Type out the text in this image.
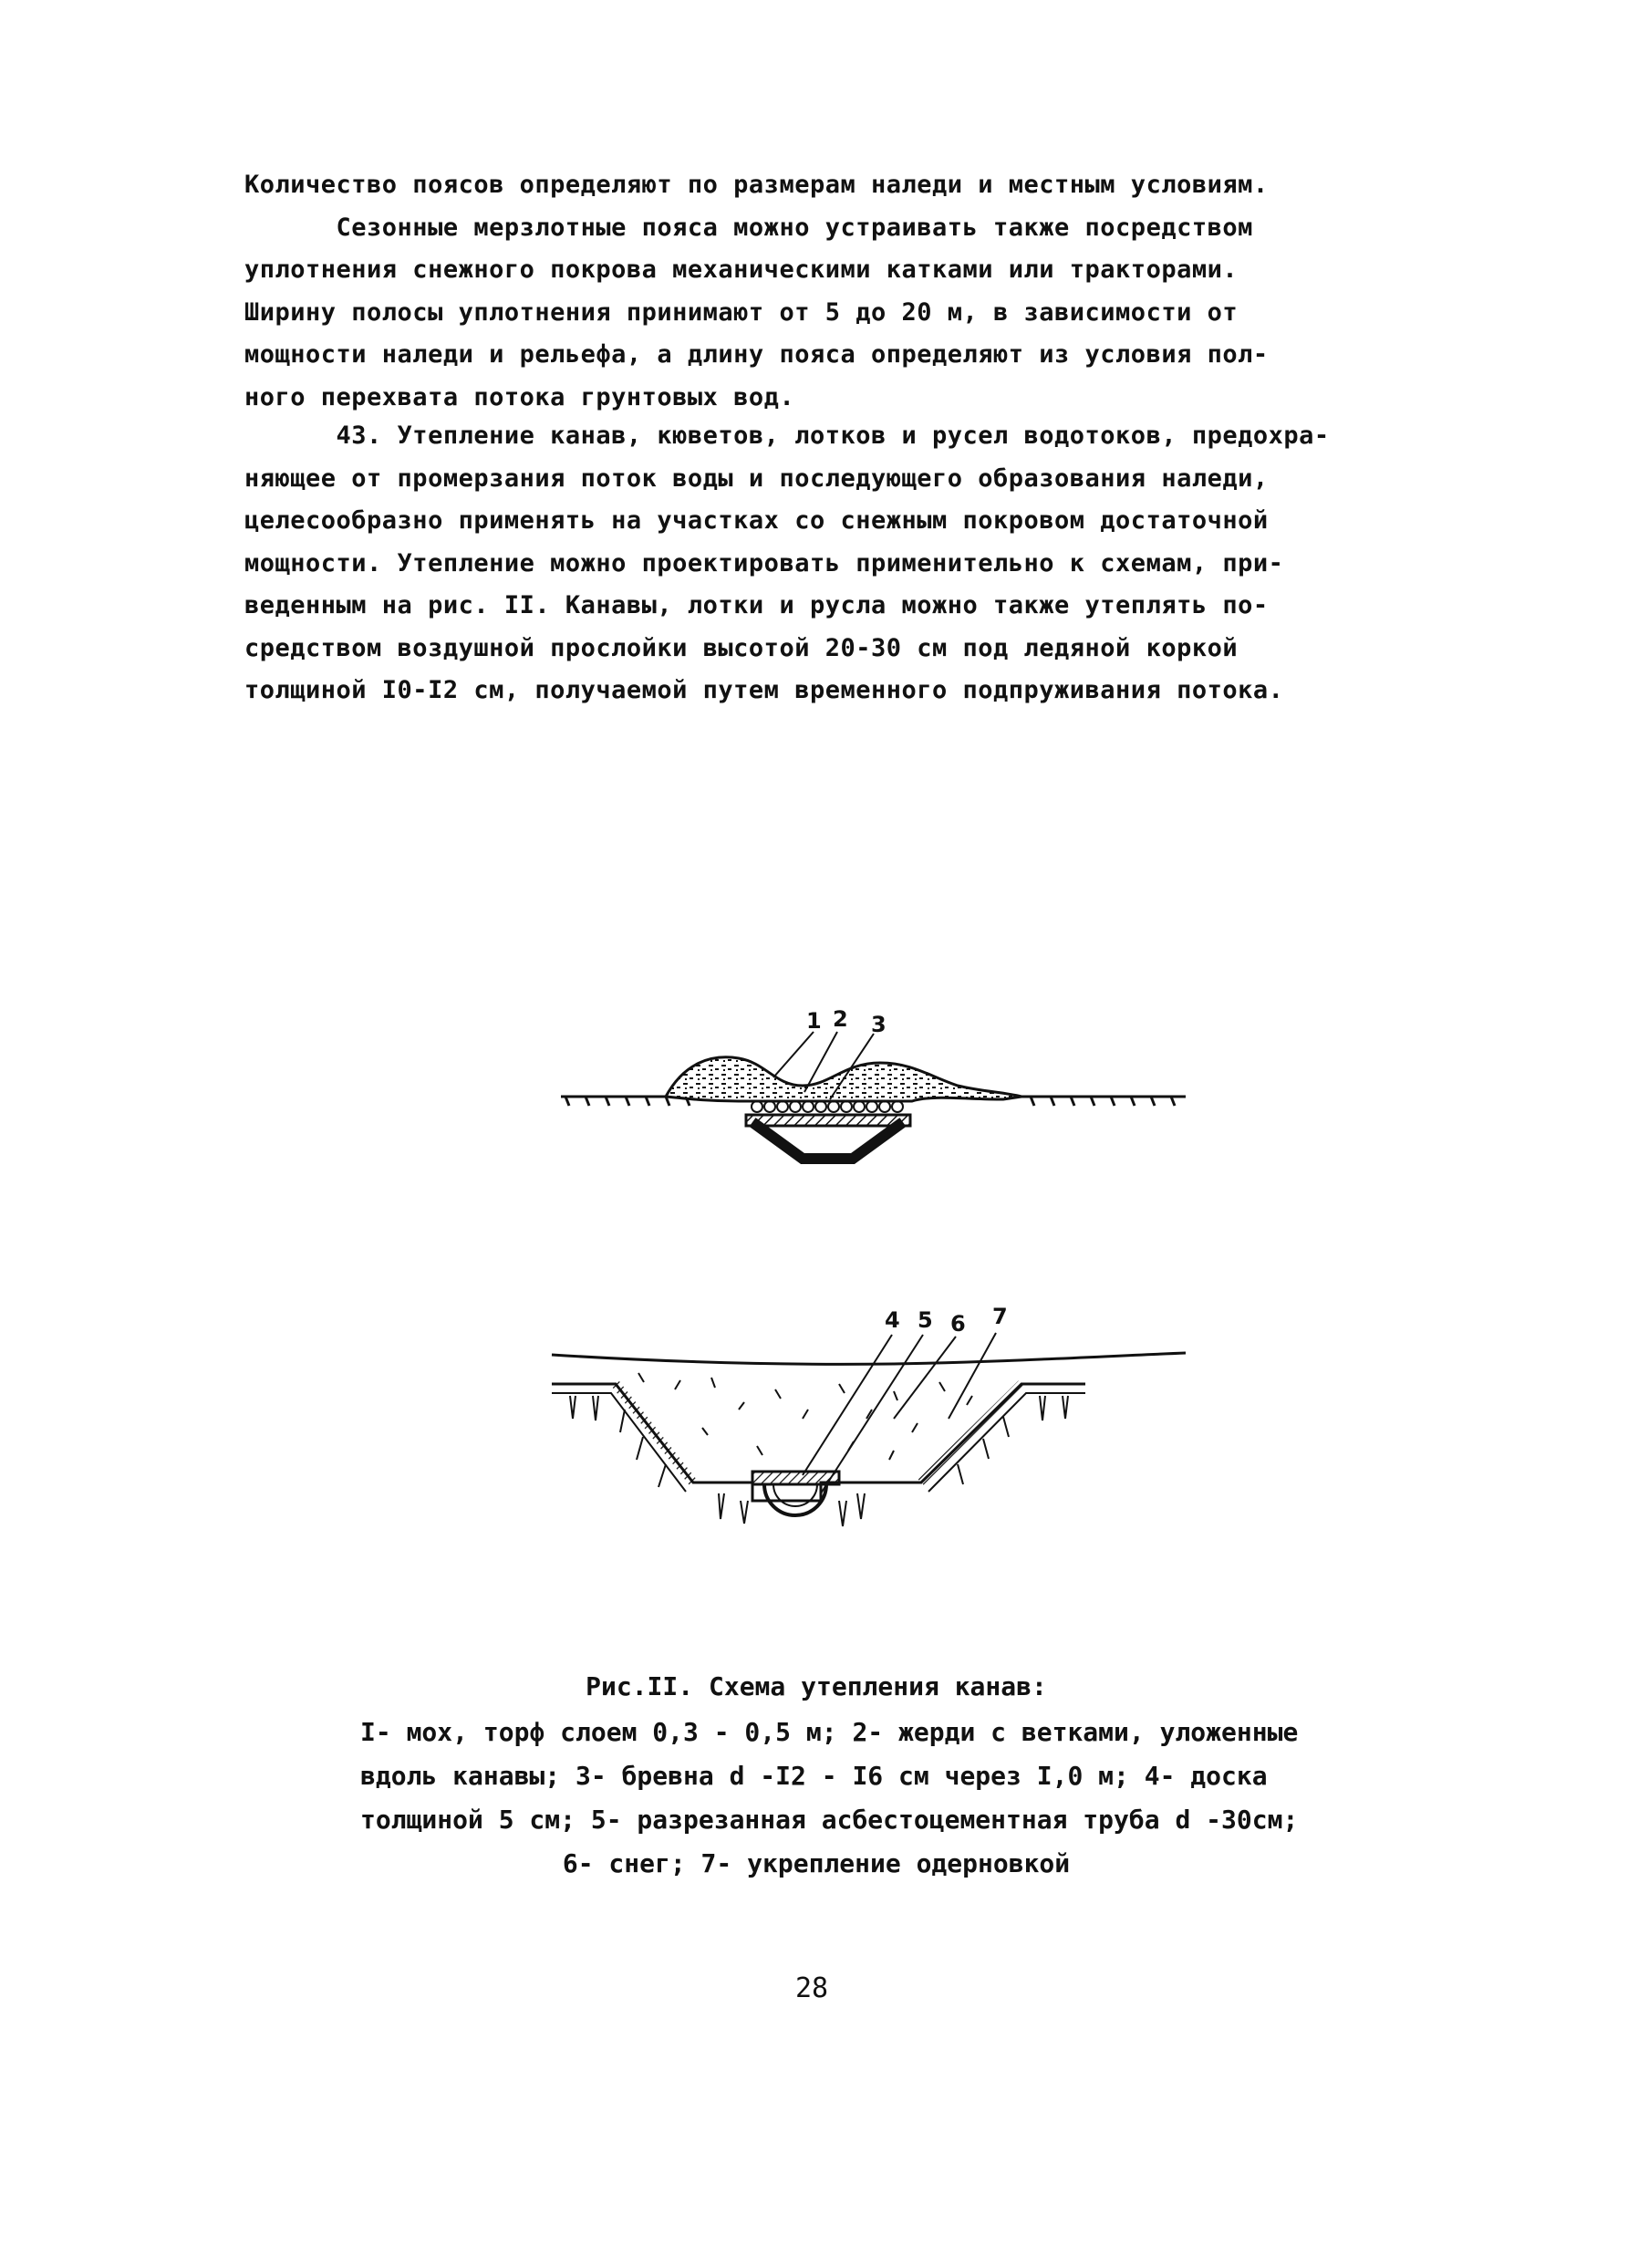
Количество поясов определяют по размерам наледи и местным условиям.
Сезонные мерзлотные пояса можно устраивать также посредством
уплотнения снежного покрова механическими катками или тракторами.
Ширину полосы уплотнения принимают от 5 до 20 м, в зависимости от
мощности наледи и рельефа, а длину пояса определяют из условия пол-
ного перехвата потока грунтовых вод.
43. Утепление канав, кюветов, лотков и русел водотоков, предохра-
няющее от промерзания поток воды и последующего образования наледи,
целесообразно применять на участках со снежным покровом достаточной
мощности. Утепление можно проектировать применительно к схемам, при-
веденным на рис. II. Канавы, лотки и русла можно также утеплять по-
средством воздушной прослойки высотой 20-30 см под ледяной коркой
толщиной I0-I2 см, получаемой путем временного подпруживания потока.
1 2 3
4 5 6 7
Рис.II. Схема утепления канав:
I- мох, торф слоем 0,3 - 0,5 м; 2- жерди с ветками, уложенные
вдоль канавы; 3- бревна d -I2 - I6 см через I,0 м; 4- доска
толщиной 5 см; 5- разрезанная асбестоцементная труба d -30см;
6- снег; 7- укрепление одерновкой
28
